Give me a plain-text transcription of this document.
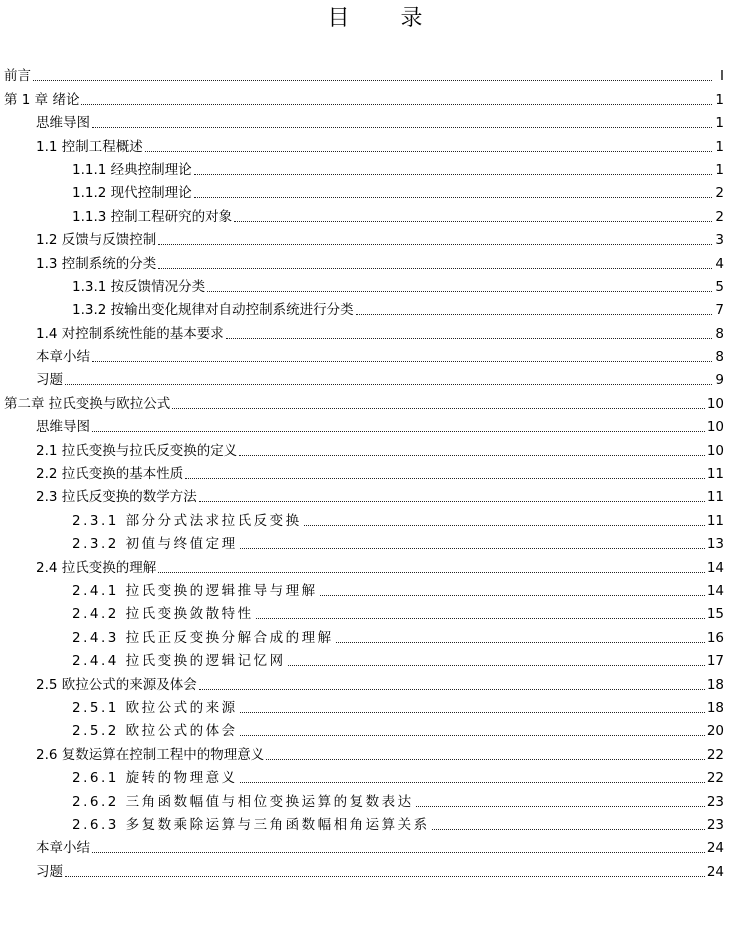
目 录
前言	I
第 1 章 绪论	1
思维导图	1
1.1 控制工程概述	1
1.1.1 经典控制理论	1
1.1.2 现代控制理论	2
1.1.3 控制工程研究的对象	2
1.2 反馈与反馈控制	3
1.3 控制系统的分类	4
1.3.1 按反馈情况分类	5
1.3.2 按输出变化规律对自动控制系统进行分类	7
1.4 对控制系统性能的基本要求	8
本章小结	8
习题	9
第二章 拉氏变换与欧拉公式	10
思维导图	10
2.1 拉氏变换与拉氏反变换的定义	10
2.2 拉氏变换的基本性质	11
2.3 拉氏反变换的数学方法	11
2.3.1 部分分式法求拉氏反变换	11
2.3.2 初值与终值定理	13
2.4 拉氏变换的理解	14
2.4.1 拉氏变换的逻辑推导与理解	14
2.4.2 拉氏变换敛散特性	15
2.4.3 拉氏正反变换分解合成的理解	16
2.4.4 拉氏变换的逻辑记忆网	17
2.5 欧拉公式的来源及体会	18
2.5.1 欧拉公式的来源	18
2.5.2 欧拉公式的体会	20
2.6 复数运算在控制工程中的物理意义	22
2.6.1 旋转的物理意义	22
2.6.2 三角函数幅值与相位变换运算的复数表达	23
2.6.3 多复数乘除运算与三角函数幅相角运算关系	23
本章小结	24
习题	24
